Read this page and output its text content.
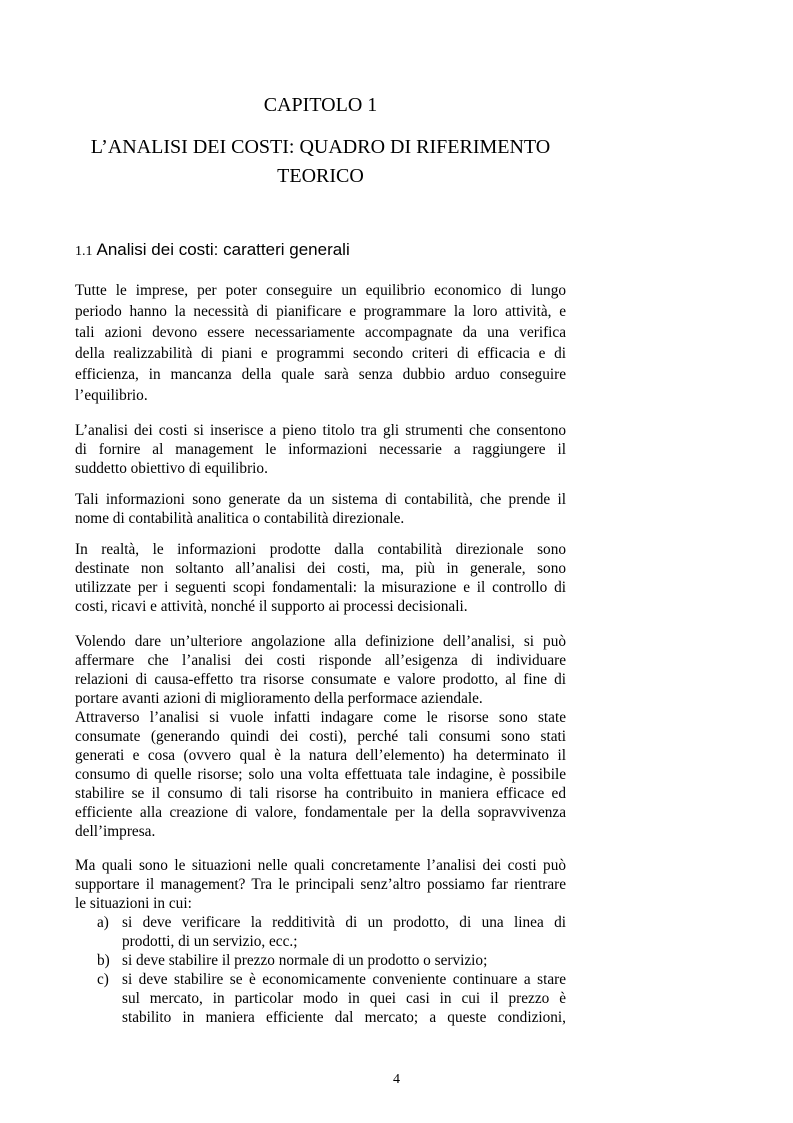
CAPITOLO 1
L’ANALISI DEI COSTI: QUADRO DI RIFERIMENTO
TEORICO
1.1 Analisi dei costi: caratteri generali
Tutte le imprese, per poter conseguire un equilibrio economico di lungo
periodo hanno la necessità di pianificare e programmare la loro attività, e
tali azioni devono essere necessariamente accompagnate da una verifica
della realizzabilità di piani e programmi secondo criteri di efficacia e di
efficienza, in mancanza della quale sarà senza dubbio arduo conseguire
l’equilibrio.
L’analisi dei costi si inserisce a pieno titolo tra gli strumenti che consentono
di fornire al management le informazioni necessarie a raggiungere il
suddetto obiettivo di equilibrio.
Tali informazioni sono generate da un sistema di contabilità, che prende il
nome di contabilità analitica o contabilità direzionale.
In realtà, le informazioni prodotte dalla contabilità direzionale sono
destinate non soltanto all’analisi dei costi, ma, più in generale, sono
utilizzate per i seguenti scopi fondamentali: la misurazione e il controllo di
costi, ricavi e attività, nonché il supporto ai processi decisionali.
Volendo dare un’ulteriore angolazione alla definizione dell’analisi, si può
affermare che l’analisi dei costi risponde all’esigenza di individuare
relazioni di causa-effetto tra risorse consumate e valore prodotto, al fine di
portare avanti azioni di miglioramento della performace aziendale.
Attraverso l’analisi si vuole infatti indagare come le risorse sono state
consumate (generando quindi dei costi), perché tali consumi sono stati
generati e cosa (ovvero qual è la natura dell’elemento) ha determinato il
consumo di quelle risorse; solo una volta effettuata tale indagine, è possibile
stabilire se il consumo di tali risorse ha contribuito in maniera efficace ed
efficiente alla creazione di valore, fondamentale per la della sopravvivenza
dell’impresa.
Ma quali sono le situazioni nelle quali concretamente l’analisi dei costi può
supportare il management? Tra le principali senz’altro possiamo far rientrare
le situazioni in cui:
a) si deve verificare la redditività di un prodotto, di una linea di
prodotti, di un servizio, ecc.;
b) si deve stabilire il prezzo normale di un prodotto o servizio;
c) si deve stabilire se è economicamente conveniente continuare a stare
sul mercato, in particolar modo in quei casi in cui il prezzo è
stabilito in maniera efficiente dal mercato; a queste condizioni,
4
